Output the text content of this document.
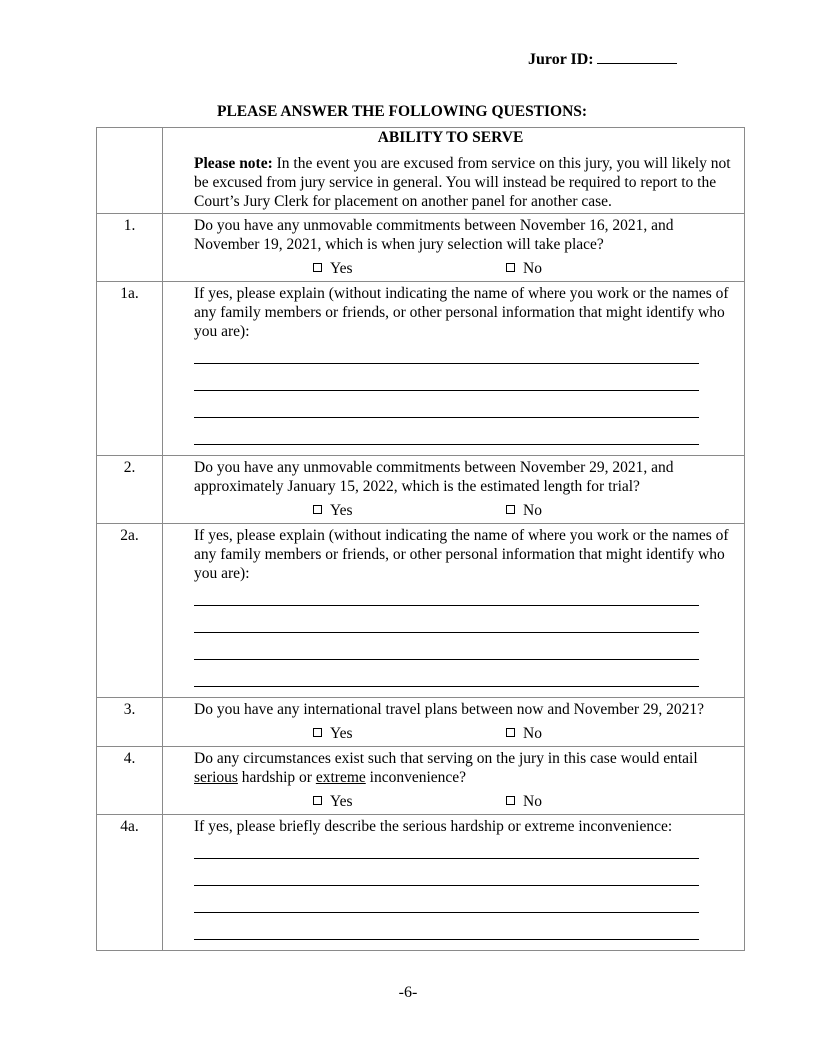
Juror ID:
PLEASE ANSWER THE FOLLOWING QUESTIONS:

	ABILITY TO SERVE
Please note: In the event you are excused from service on this jury, you will likely not be excused from jury service in general. You will instead be required to report to the Court’s Jury Clerk for placement on another panel for another case.

1.	Do you have any unmovable commitments between November 16, 2021, and November 19, 2021, which is when jury selection will take place?
Yes No

1a.	If yes, please explain (without indicating the name of where you work or the names of any family members or friends, or other personal information that might identify who you are):

2.	Do you have any unmovable commitments between November 29, 2021, and approximately January 15, 2022, which is the estimated length for trial?
Yes No

2a.	If yes, please explain (without indicating the name of where you work or the names of any family members or friends, or other personal information that might identify who you are):

3.	Do you have any international travel plans between now and November 29, 2021?
Yes No

4.	Do any circumstances exist such that serving on the jury in this case would entail serious hardship or extreme inconvenience?
Yes No

4a.	If yes, please briefly describe the serious hardship or extreme inconvenience:
-6-
